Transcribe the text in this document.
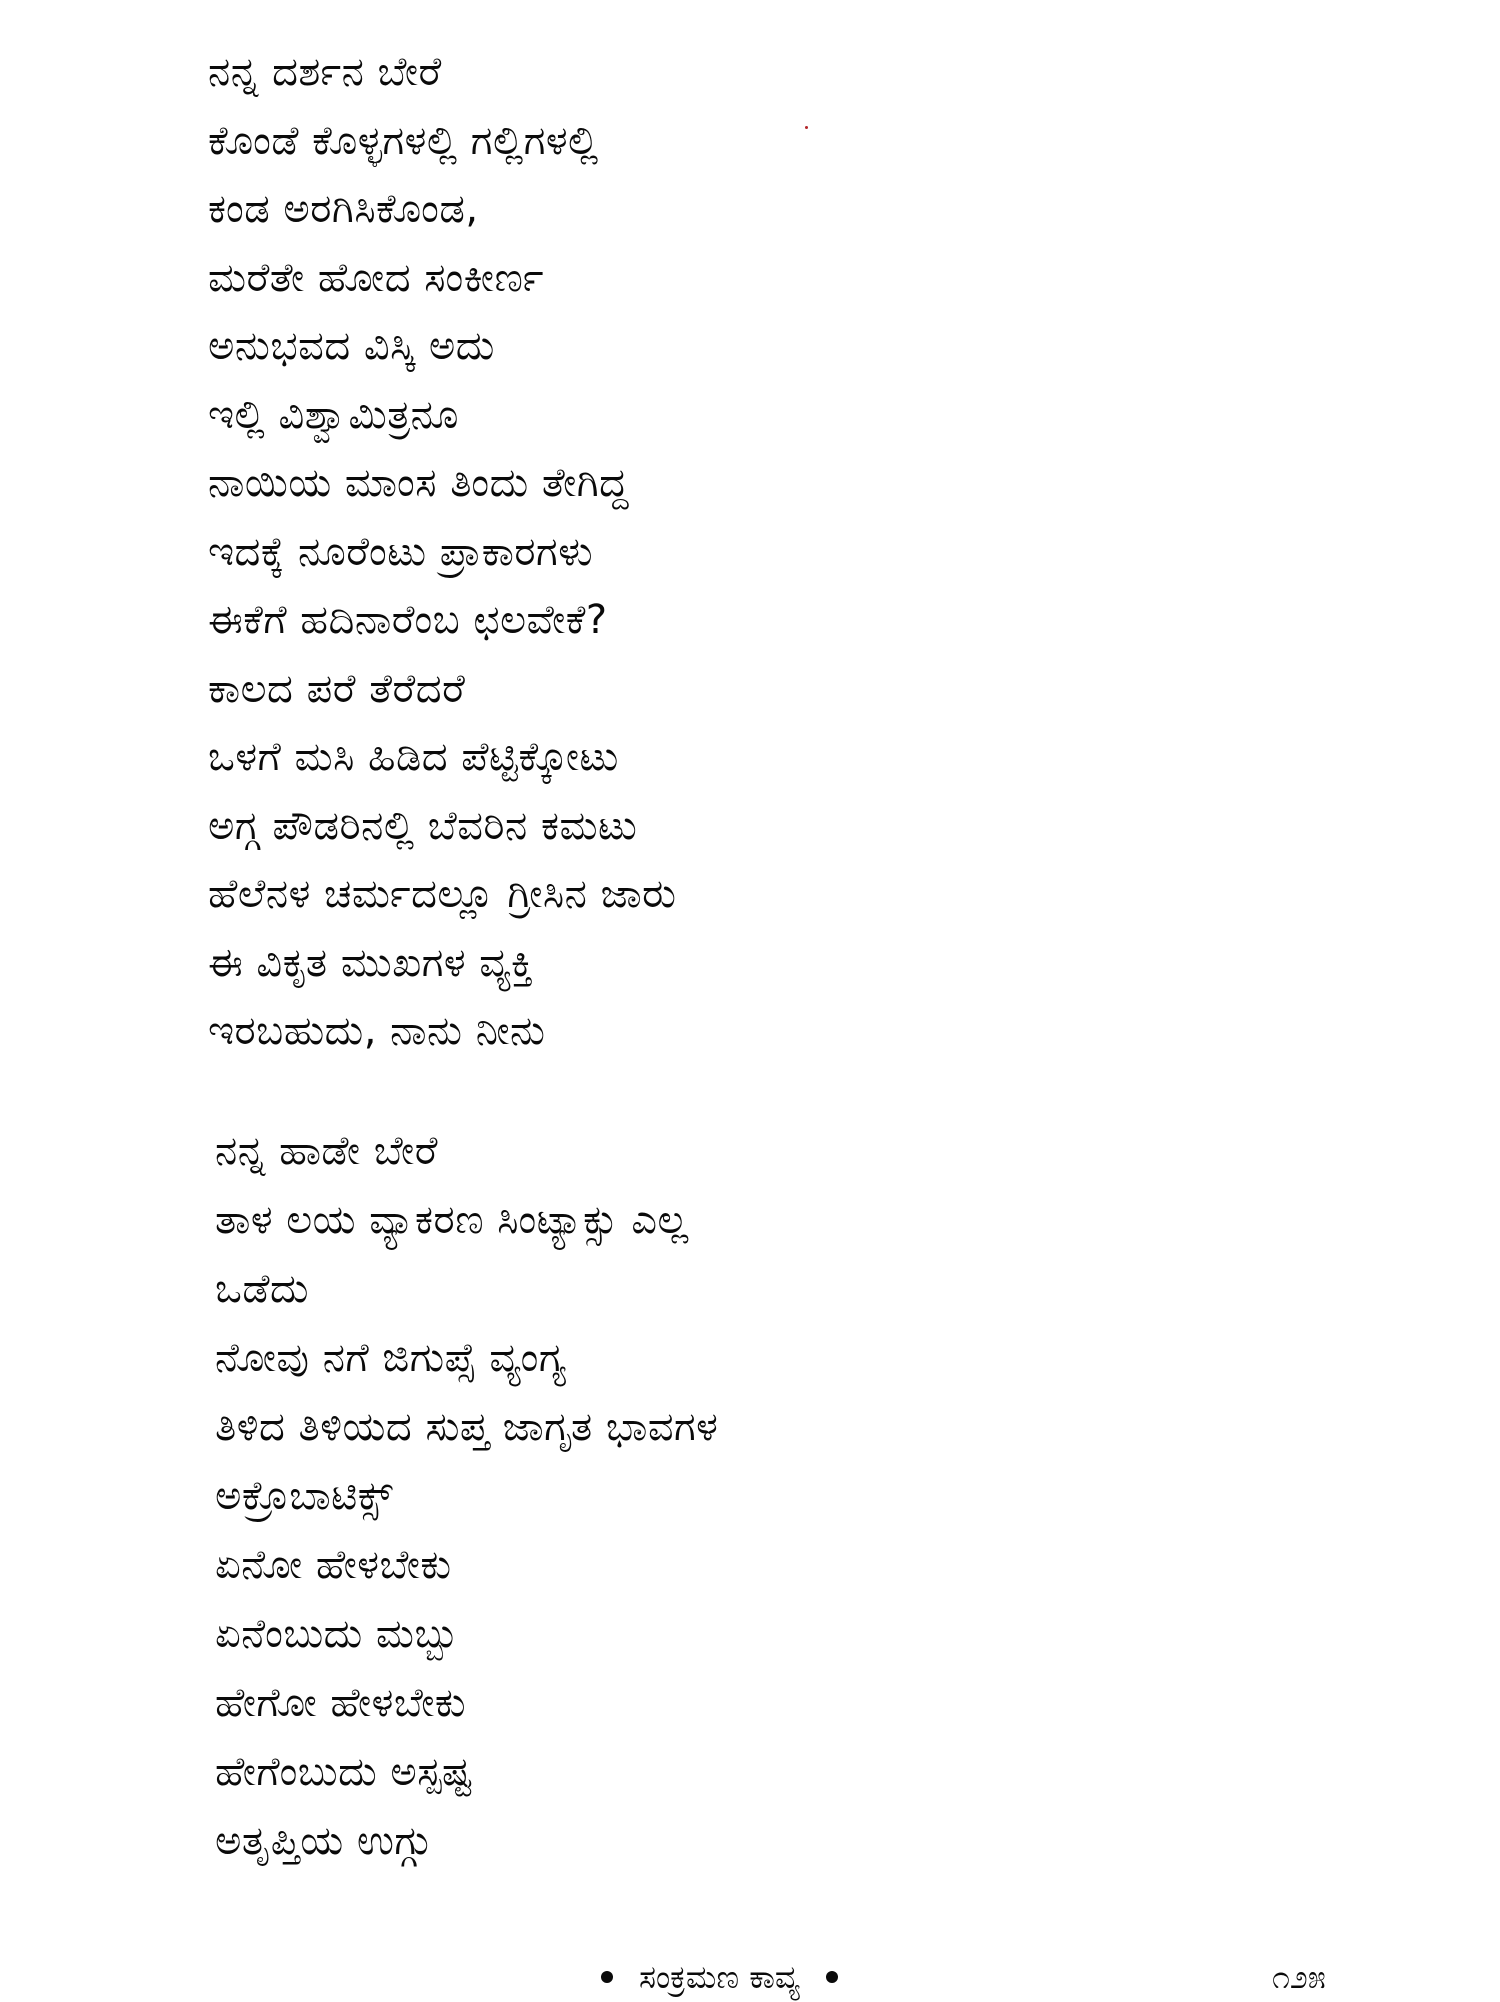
ನನ್ನ ದರ್ಶನ ಬೇರೆ
ಕೊಂಡೆ ಕೊಳ್ಳಗಳಲ್ಲಿ ಗಲ್ಲಿಗಳಲ್ಲಿ
ಕಂಡ ಅರಗಿಸಿಕೊಂಡ,
ಮರೆತೇ ಹೋದ ಸಂಕೀರ್ಣ
ಅನುಭವದ ವಿಸ್ಕಿ ಅದು
ಇಲ್ಲಿ ವಿಶ್ವಾಮಿತ್ರನೂ
ನಾಯಿಯ ಮಾಂಸ ತಿಂದು ತೇಗಿದ್ದ
ಇದಕ್ಕೆ ನೂರೆಂಟು ಪ್ರಾಕಾರಗಳು
ಈಕೆಗೆ ಹದಿನಾರೆಂಬ ಛಲವೇಕೆ?
ಕಾಲದ ಪರೆ ತೆರೆದರೆ
ಒಳಗೆ ಮಸಿ ಹಿಡಿದ ಪೆಟ್ಟಿಕ್ಕೋಟು
ಅಗ್ಗ ಪೌಡರಿನಲ್ಲಿ ಬೆವರಿನ ಕಮಟು
ಹೆಲೆನಳ ಚರ್ಮದಲ್ಲೂ ಗ್ರೀಸಿನ ಜಾರು
ಈ ವಿಕೃತ ಮುಖಗಳ ವ್ಯಕ್ತಿ
ಇರಬಹುದು, ನಾನು ನೀನು
ನನ್ನ ಹಾಡೇ ಬೇರೆ
ತಾಳ ಲಯ ವ್ಯಾಕರಣ ಸಿಂಟ್ಯಾಕ್ಸು ಎಲ್ಲ
ಒಡೆದು
ನೋವು ನಗೆ ಜಿಗುಪ್ಸೆ ವ್ಯಂಗ್ಯ
ತಿಳಿದ ತಿಳಿಯದ ಸುಪ್ತ ಜಾಗೃತ ಭಾವಗಳ
ಅಕ್ರೊಬಾಟಿಕ್ಸ್
ಏನೋ ಹೇಳಬೇಕು
ಏನೆಂಬುದು ಮಬ್ಬು
ಹೇಗೋ ಹೇಳಬೇಕು
ಹೇಗೆಂಬುದು ಅಸ್ಪಷ್ಟ
ಅತೃಪ್ತಿಯ ಉಗ್ಗು
ಸಂಕ್ರಮಣ ಕಾವ್ಯ	೧೨೫
